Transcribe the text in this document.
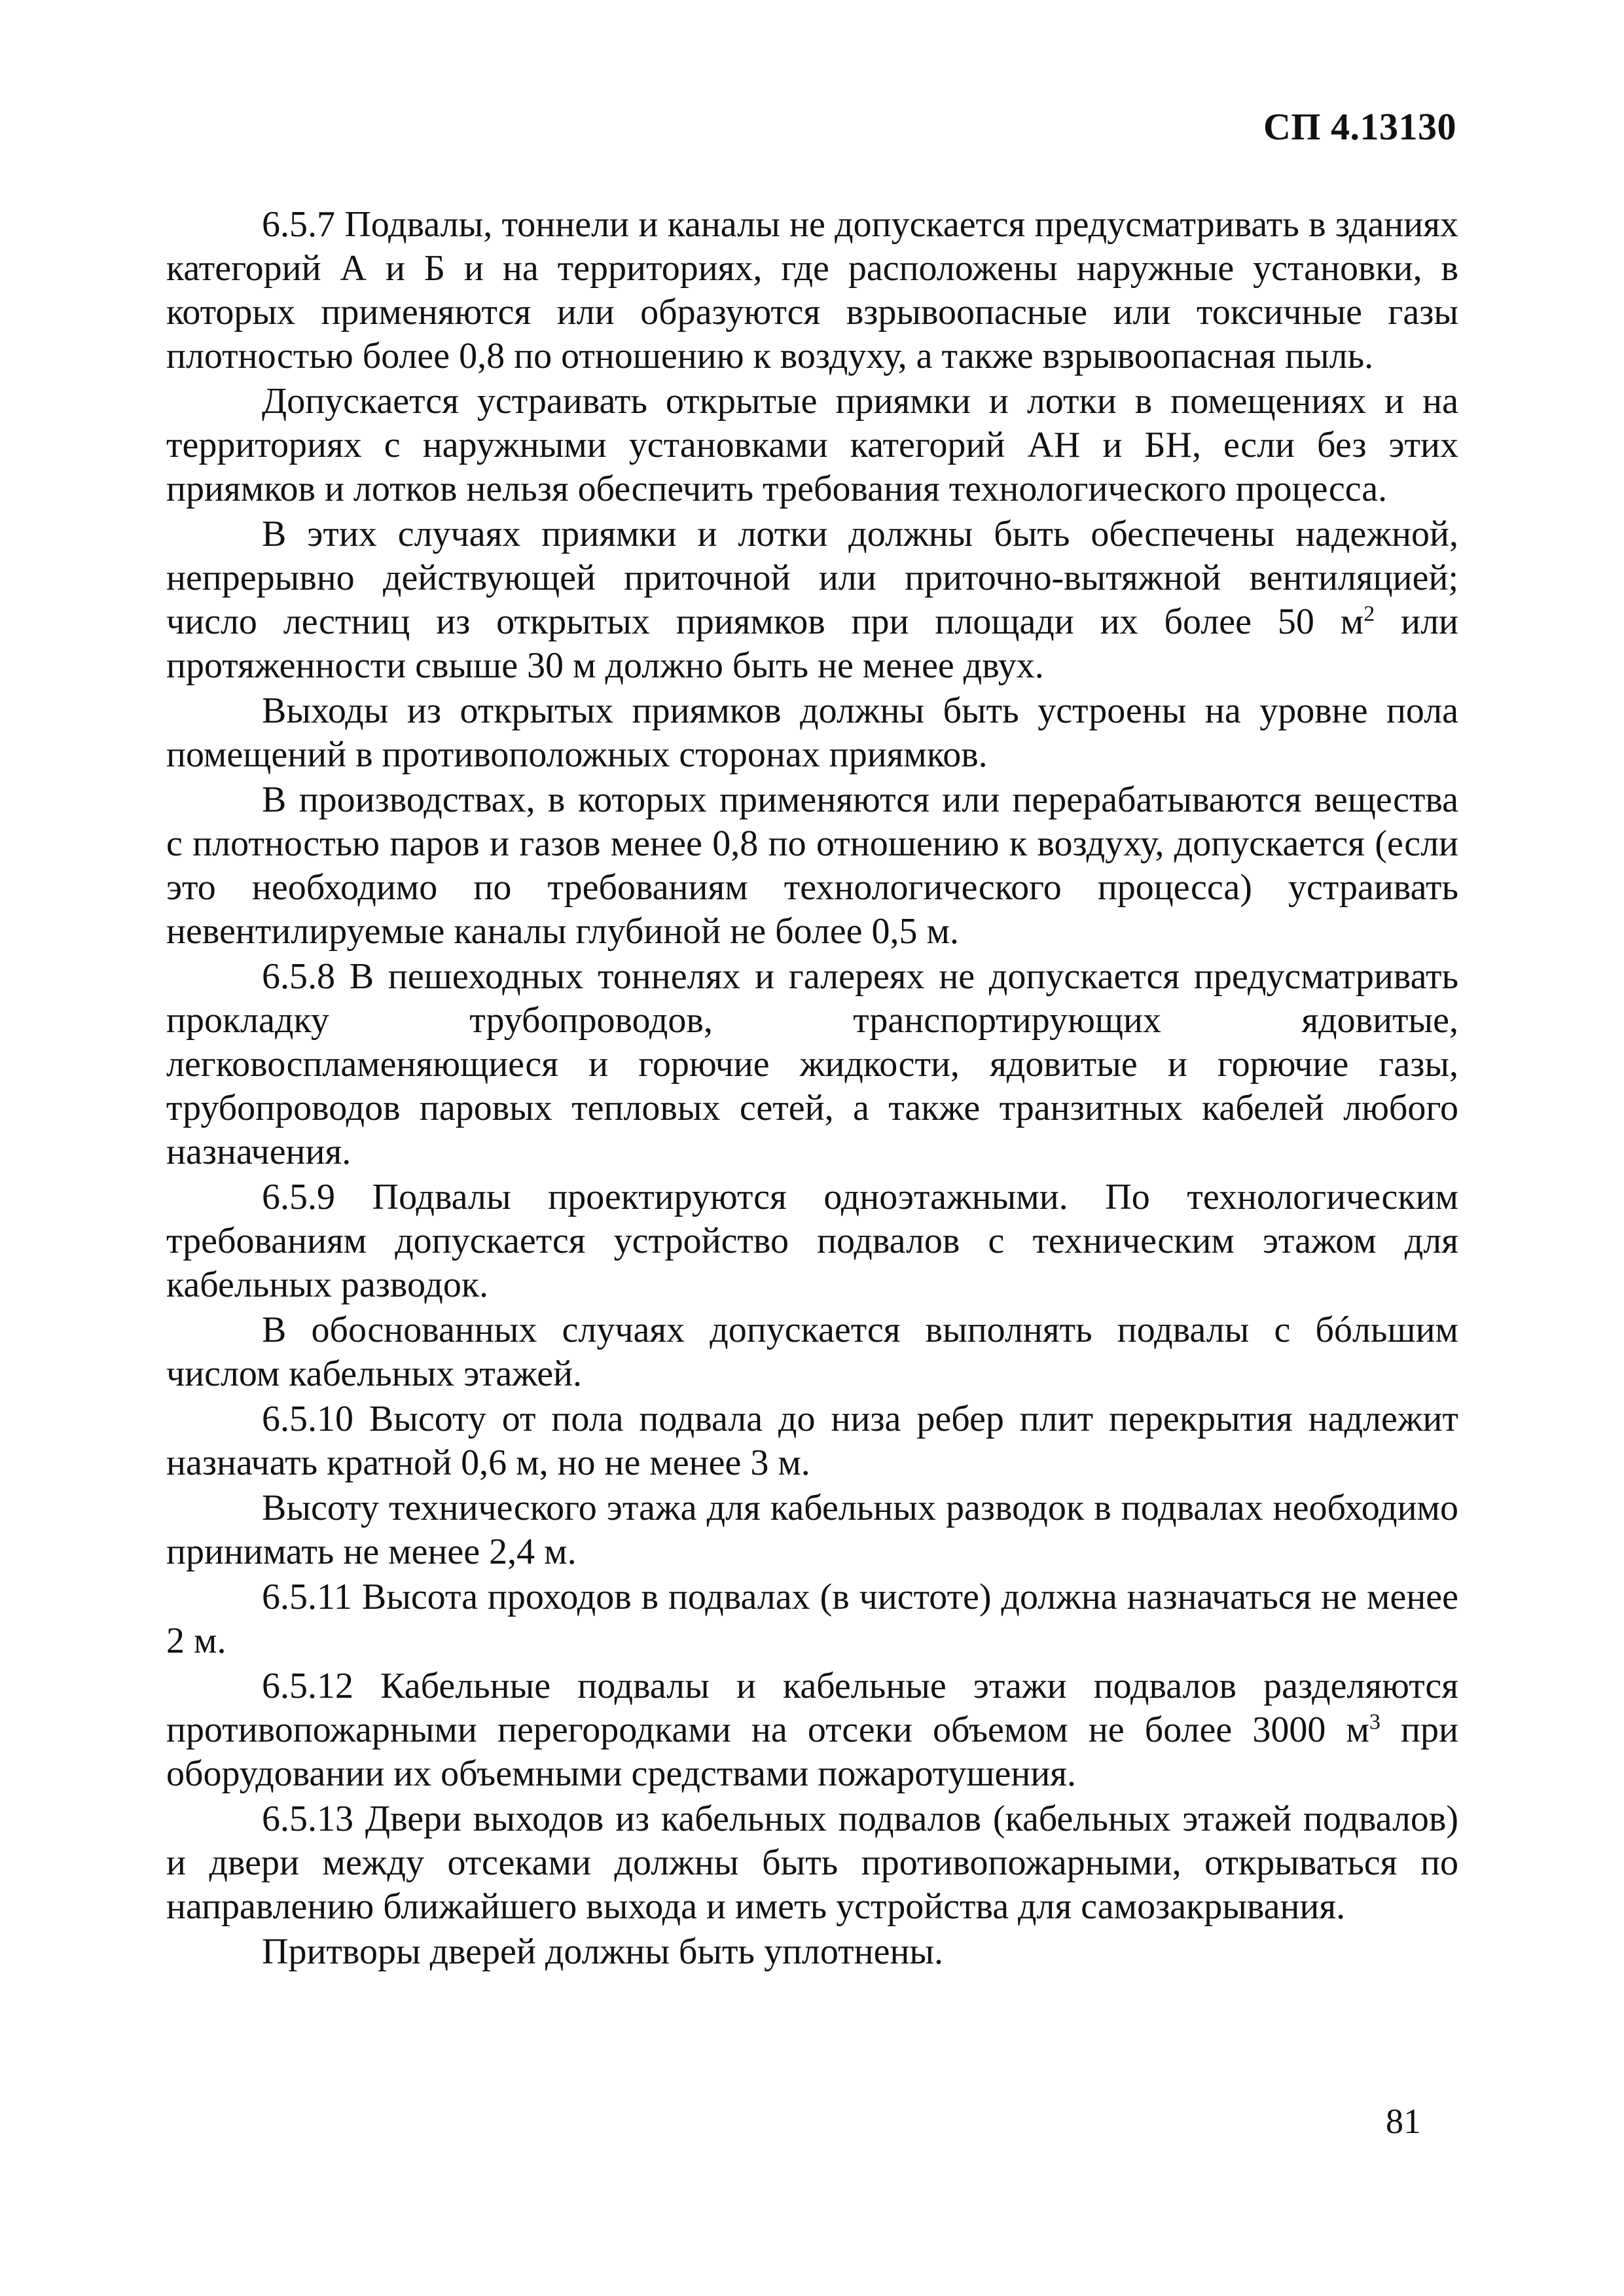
СП 4.13130

6.5.7 Подвалы, тоннели и каналы не допускается предусматривать в зданиях категорий А и Б и на территориях, где расположены наружные установки, в которых применяются или образуются взрывоопасные или токсичные газы плотностью более 0,8 по отношению к воздуху, а также взрывоопасная пыль.

Допускается устраивать открытые приямки и лотки в помещениях и на территориях с наружными установками категорий АН и БН, если без этих приямков и лотков нельзя обеспечить требования технологического процесса.

В этих случаях приямки и лотки должны быть обеспечены надежной, непрерывно действующей приточной или приточно-вытяжной вентиляцией; число лестниц из открытых приямков при площади их более 50 $м^2$ или протяженности свыше 30 м должно быть не менее двух.

Выходы из открытых приямков должны быть устроены на уровне пола помещений в противоположных сторонах приямков.

В производствах, в которых применяются или перерабатываются вещества с плотностью паров и газов менее 0,8 по отношению к воздуху, допускается (если это необходимо по требованиям технологического процесса) устраивать невентилируемые каналы глубиной не более 0,5 м.

6.5.8 В пешеходных тоннелях и галереях не допускается предусматривать прокладку трубопроводов, транспортирующих ядовитые, легковоспламеняющиеся и горючие жидкости, ядовитые и горючие газы, трубопроводов паровых тепловых сетей, а также транзитных кабелей любого назначения.

6.5.9 Подвалы проектируются одноэтажными. По технологическим требованиям допускается устройство подвалов с техническим этажом для кабельных разводок.

В обоснованных случаях допускается выполнять подвалы с бóльшим числом кабельных этажей.

6.5.10 Высоту от пола подвала до низа ребер плит перекрытия надлежит назначать кратной 0,6 м, но не менее 3 м.

Высоту технического этажа для кабельных разводок в подвалах необходимо принимать не менее 2,4 м.

6.5.11 Высота проходов в подвалах (в чистоте) должна назначаться не менее 2 м.

6.5.12 Кабельные подвалы и кабельные этажи подвалов разделяются противопожарными перегородками на отсеки объемом не более 3000 $м^3$ при оборудовании их объемными средствами пожаротушения.

6.5.13 Двери выходов из кабельных подвалов (кабельных этажей подвалов) и двери между отсеками должны быть противопожарными, открываться по направлению ближайшего выхода и иметь устройства для самозакрывания.

Притворы дверей должны быть уплотнены.

81
